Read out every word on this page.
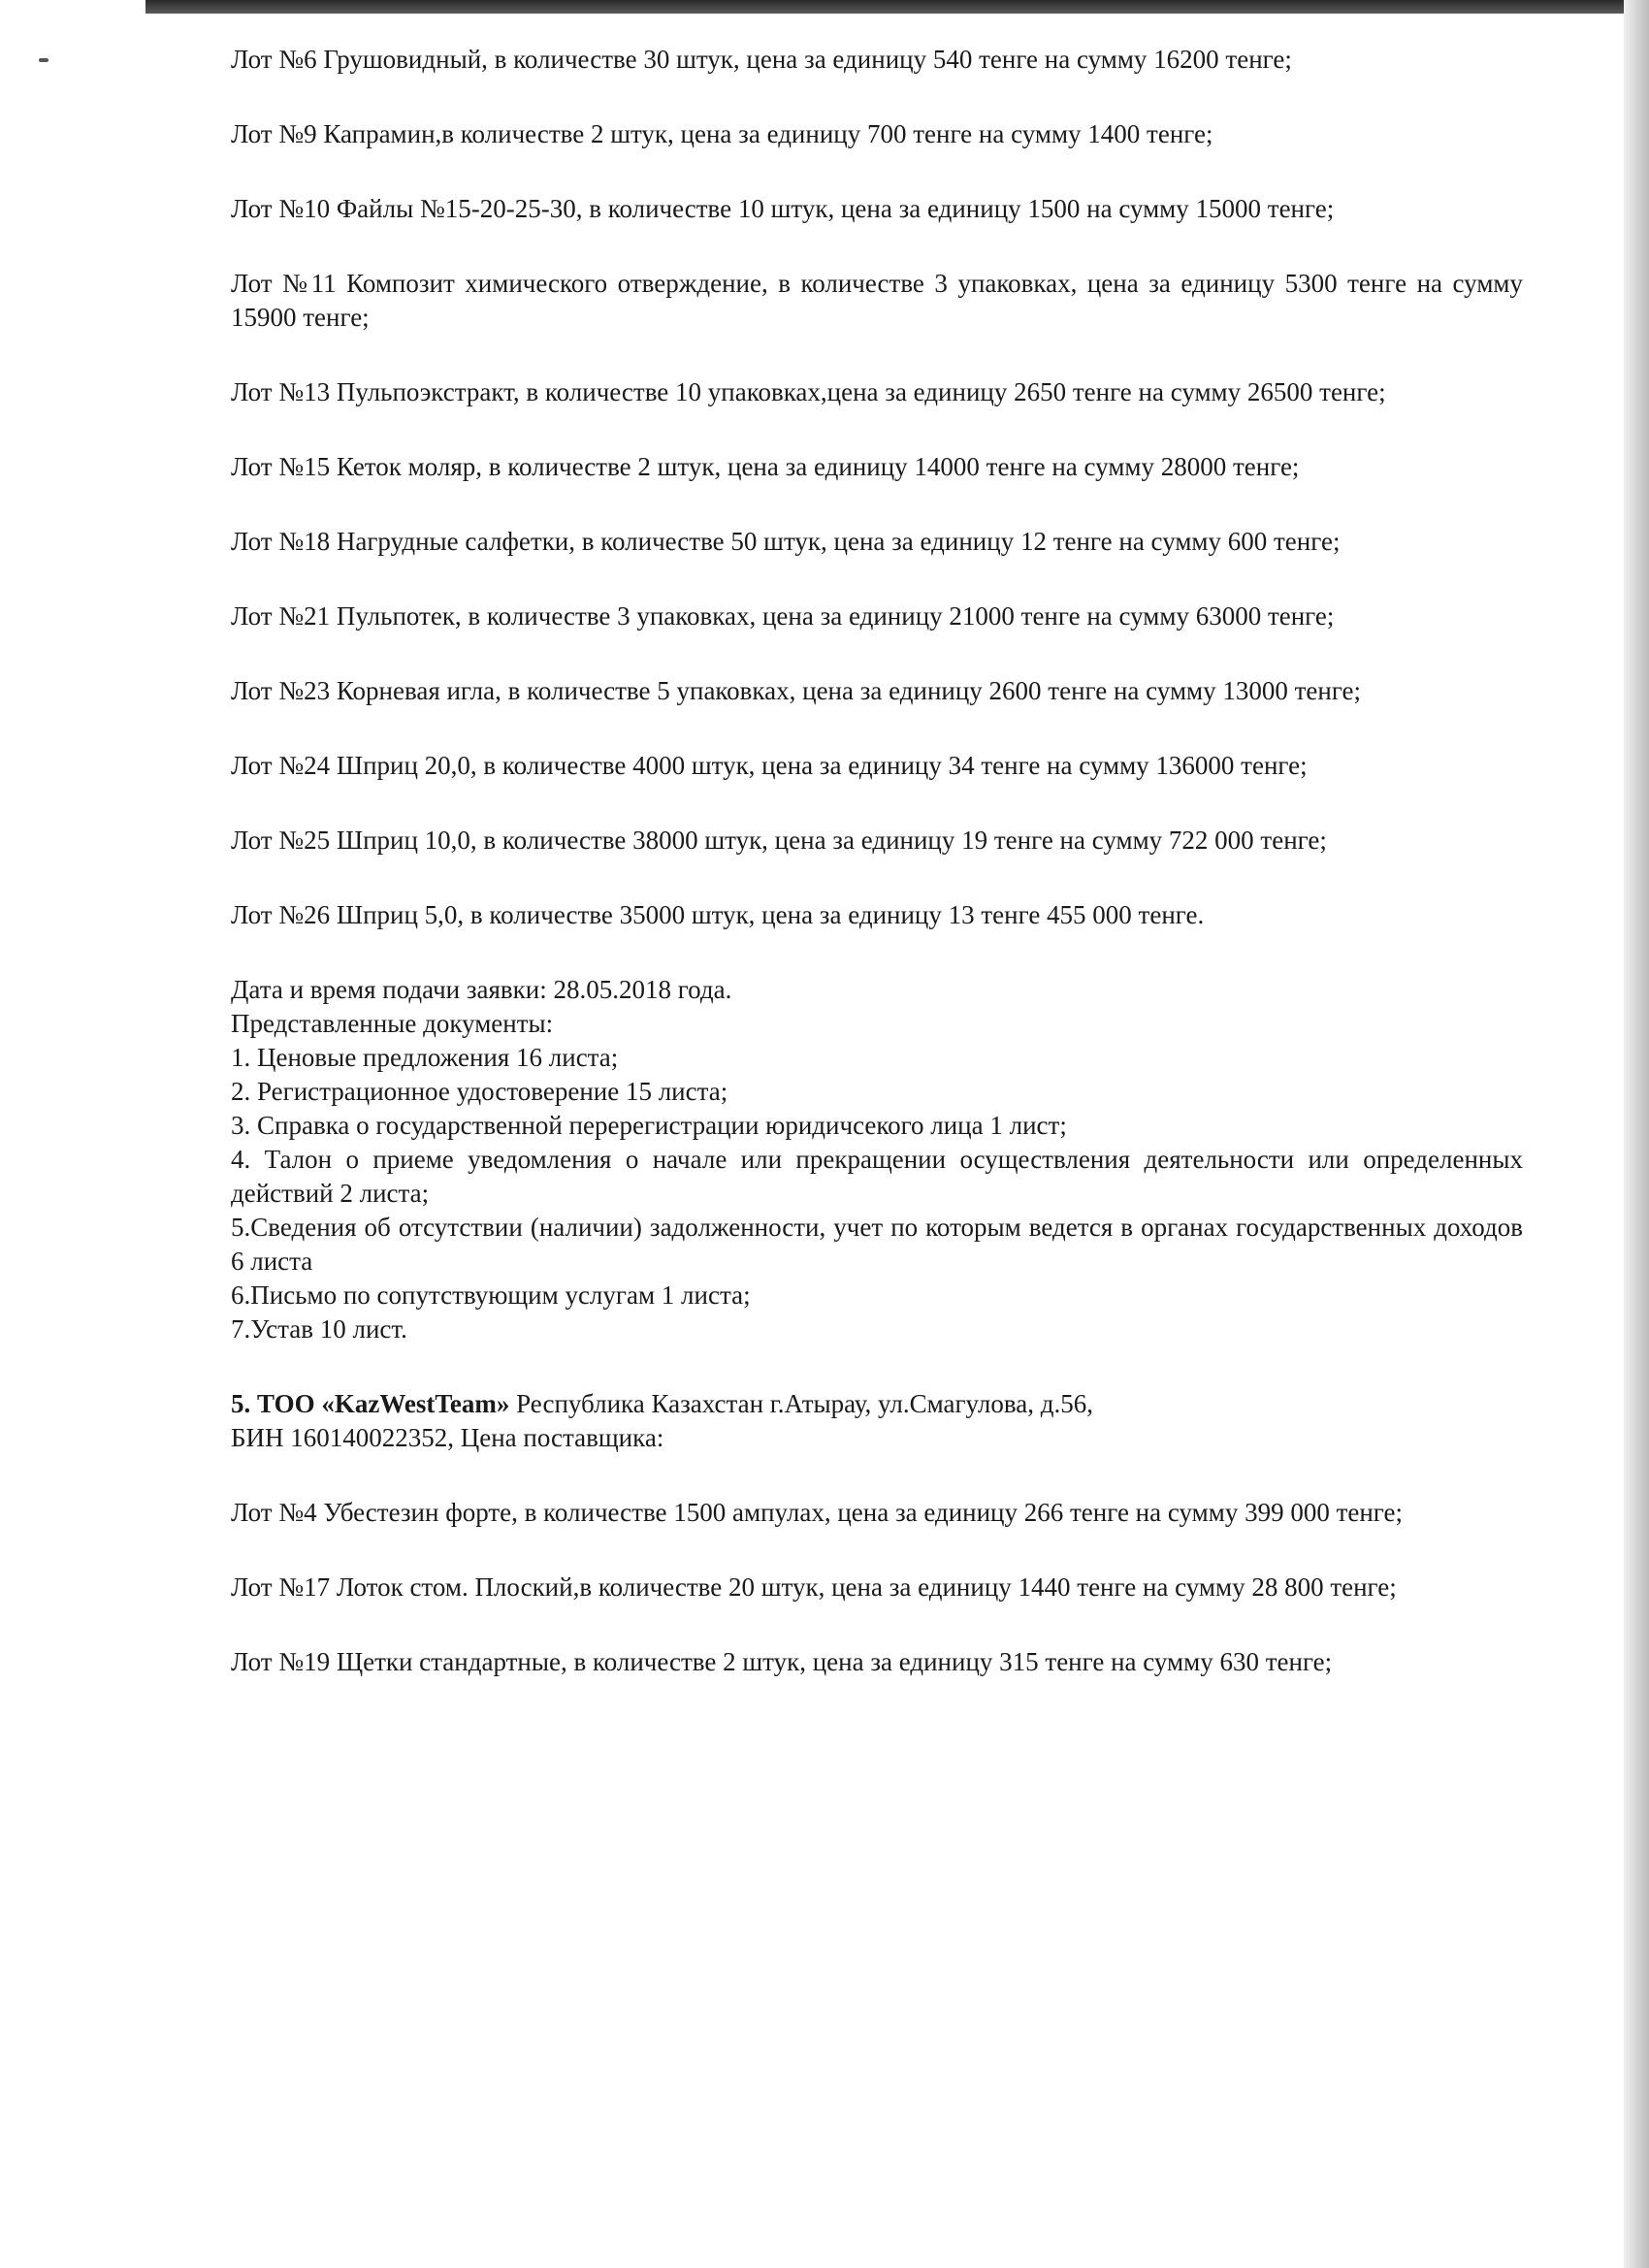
Лот №6 Грушовидный, в количестве 30 штук, цена за единицу 540 тенге на сумму 16200 тенге;

Лот №9 Капрамин,в количестве 2 штук, цена за единицу 700 тенге на сумму 1400 тенге;

Лот №10 Файлы №15-20-25-30, в количестве 10 штук, цена за единицу 1500 на сумму 15000 тенге;

Лот №11 Композит химического отверждение, в количестве 3 упаковках, цена за единицу 5300 тенге на сумму 15900 тенге;

Лот №13 Пульпоэкстракт, в количестве 10 упаковках,цена за единицу 2650 тенге на сумму 26500 тенге;

Лот №15 Кеток моляр, в количестве 2 штук, цена за единицу 14000 тенге на сумму 28000 тенге;

Лот №18 Нагрудные салфетки, в количестве 50 штук, цена за единицу 12 тенге на сумму 600 тенге;

Лот №21 Пульпотек, в количестве 3 упаковках, цена за единицу 21000 тенге на сумму 63000 тенге;

Лот №23 Корневая игла, в количестве 5 упаковках, цена за единицу 2600 тенге на сумму 13000 тенге;

Лот №24 Шприц 20,0, в количестве 4000 штук, цена за единицу 34 тенге на сумму 136000 тенге;

Лот №25 Шприц 10,0, в количестве 38000 штук, цена за единицу 19 тенге на сумму 722 000 тенге;

Лот №26 Шприц 5,0, в количестве 35000 штук, цена за единицу 13 тенге 455 000 тенге.

Дата и время подачи заявки: 28.05.2018 года.

Представленные документы:

1. Ценовые предложения 16 листа;

2. Регистрационное удостоверение 15 листа;

3. Справка о государственной перерегистрации юридичсекого лица 1 лист;

4. Талон о приеме уведомления о начале или прекращении осуществления деятельности или определенных действий 2 листа;

5.Сведения об отсутствии (наличии) задолженности, учет по которым ведется в органах государственных доходов 6 листа

6.Письмо по сопутствующим услугам 1 листа;

7.Устав 10 лист.

5. ТОО «KazWestTeam» Республика Казахстан г.Атырау, ул.Смагулова, д.56,

БИН 160140022352, Цена поставщика:

Лот №4 Убестезин форте, в количестве 1500 ампулах, цена за единицу 266 тенге на сумму 399 000 тенге;

Лот №17 Лоток стом. Плоский,в количестве 20 штук, цена за единицу 1440 тенге на сумму 28 800 тенге;

Лот №19 Щетки стандартные, в количестве 2 штук, цена за единицу 315 тенге на сумму 630 тенге;
